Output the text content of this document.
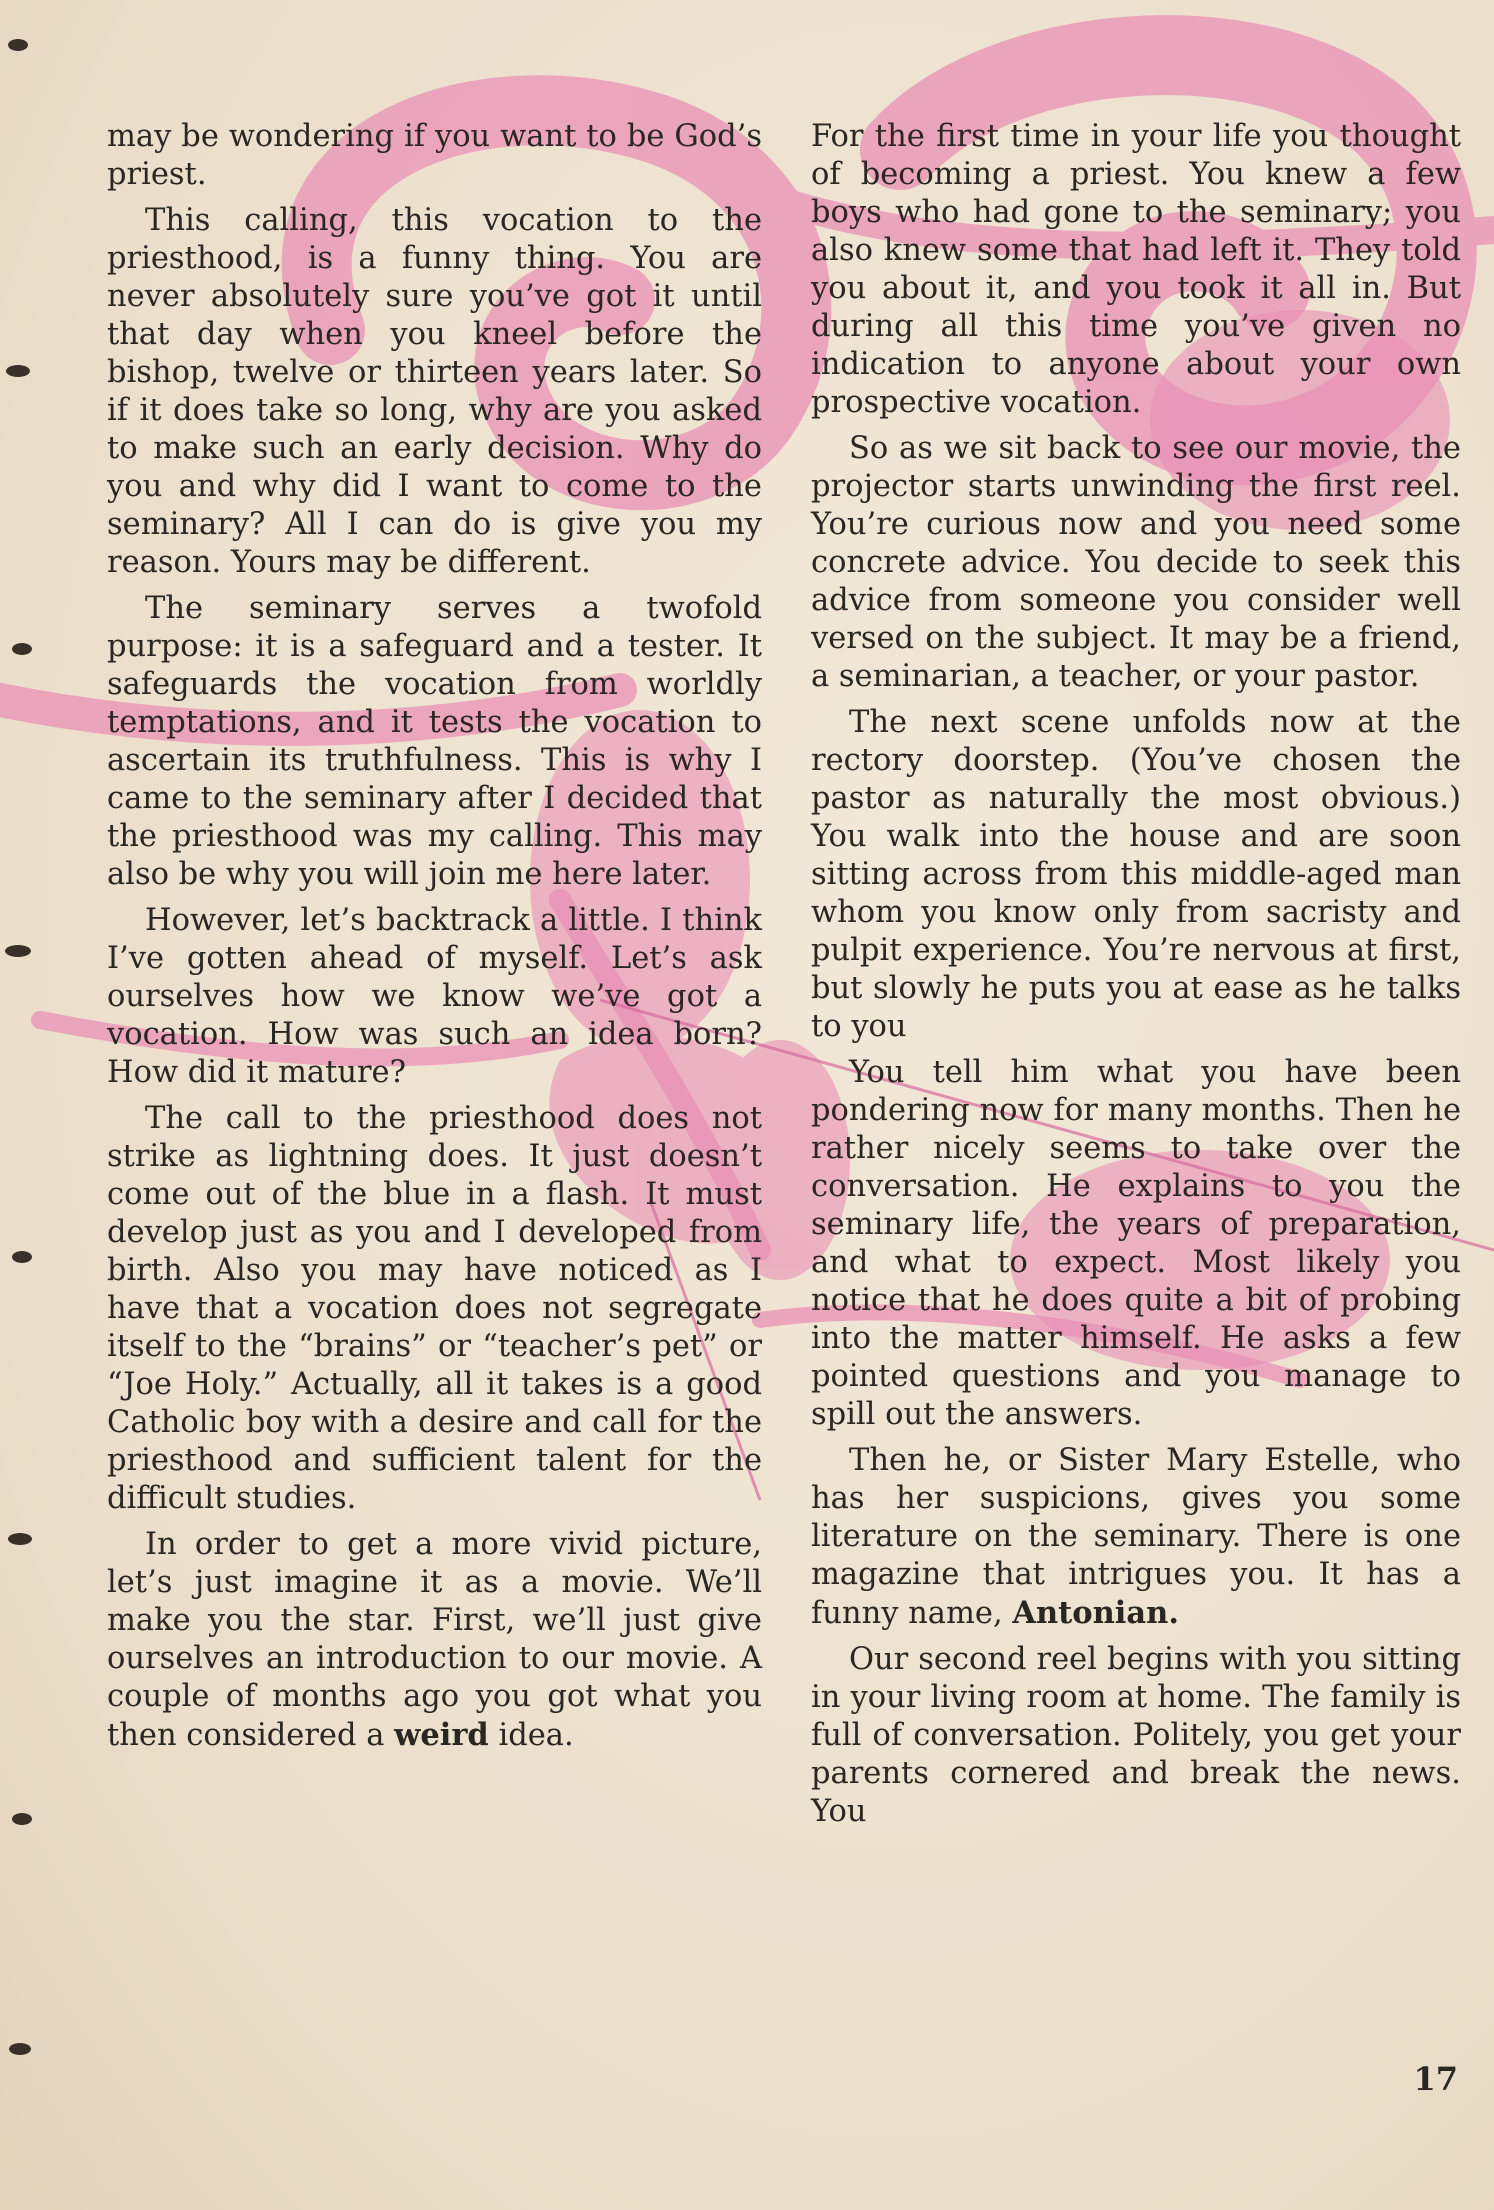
may be wondering if you want to be God’s priest.

This calling, this vocation to the priesthood, is a funny thing. You are never absolutely sure you’ve got it until that day when you kneel before the bishop, twelve or thirteen years later. So if it does take so long, why are you asked to make such an early decision. Why do you and why did I want to come to the seminary? All I can do is give you my reason. Yours may be different.

The seminary serves a twofold purpose: it is a safeguard and a tester. It safeguards the vocation from worldly temptations, and it tests the vocation to ascertain its truthfulness. This is why I came to the seminary after I decided that the priesthood was my calling. This may also be why you will join me here later.

However, let’s backtrack a little. I think I’ve gotten ahead of myself. Let’s ask ourselves how we know we’ve got a vocation. How was such an idea born? How did it mature?

The call to the priesthood does not strike as lightning does. It just doesn’t come out of the blue in a flash. It must develop just as you and I developed from birth. Also you may have noticed as I have that a vocation does not segregate itself to the “brains” or “teacher’s pet” or “Joe Holy.” Actually, all it takes is a good Catholic boy with a desire and call for the priesthood and sufficient talent for the difficult studies.

In order to get a more vivid picture, let’s just imagine it as a movie. We’ll make you the star. First, we’ll just give ourselves an introduction to our movie. A couple of months ago you got what you then considered a weird idea.

For the first time in your life you thought of becoming a priest. You knew a few boys who had gone to the seminary; you also knew some that had left it. They told you about it, and you took it all in. But during all this time you’ve given no indication to anyone about your own prospective vocation.

So as we sit back to see our movie, the projector starts unwinding the first reel. You’re curious now and you need some concrete advice. You decide to seek this advice from someone you consider well versed on the subject. It may be a friend, a seminarian, a teacher, or your pastor.

The next scene unfolds now at the rectory doorstep. (You’ve chosen the pastor as naturally the most obvious.) You walk into the house and are soon sitting across from this middle-aged man whom you know only from sacristy and pulpit experience. You’re nervous at first, but slowly he puts you at ease as he talks to you

You tell him what you have been pondering now for many months. Then he rather nicely seems to take over the conversation. He explains to you the seminary life, the years of preparation, and what to expect. Most likely you notice that he does quite a bit of probing into the matter himself. He asks a few pointed questions and you manage to spill out the answers.

Then he, or Sister Mary Estelle, who has her suspicions, gives you some literature on the seminary. There is one magazine that intrigues you. It has a funny name, Antonian.

Our second reel begins with you sitting in your living room at home. The family is full of conversation. Politely, you get your parents cornered and break the news. You

17
